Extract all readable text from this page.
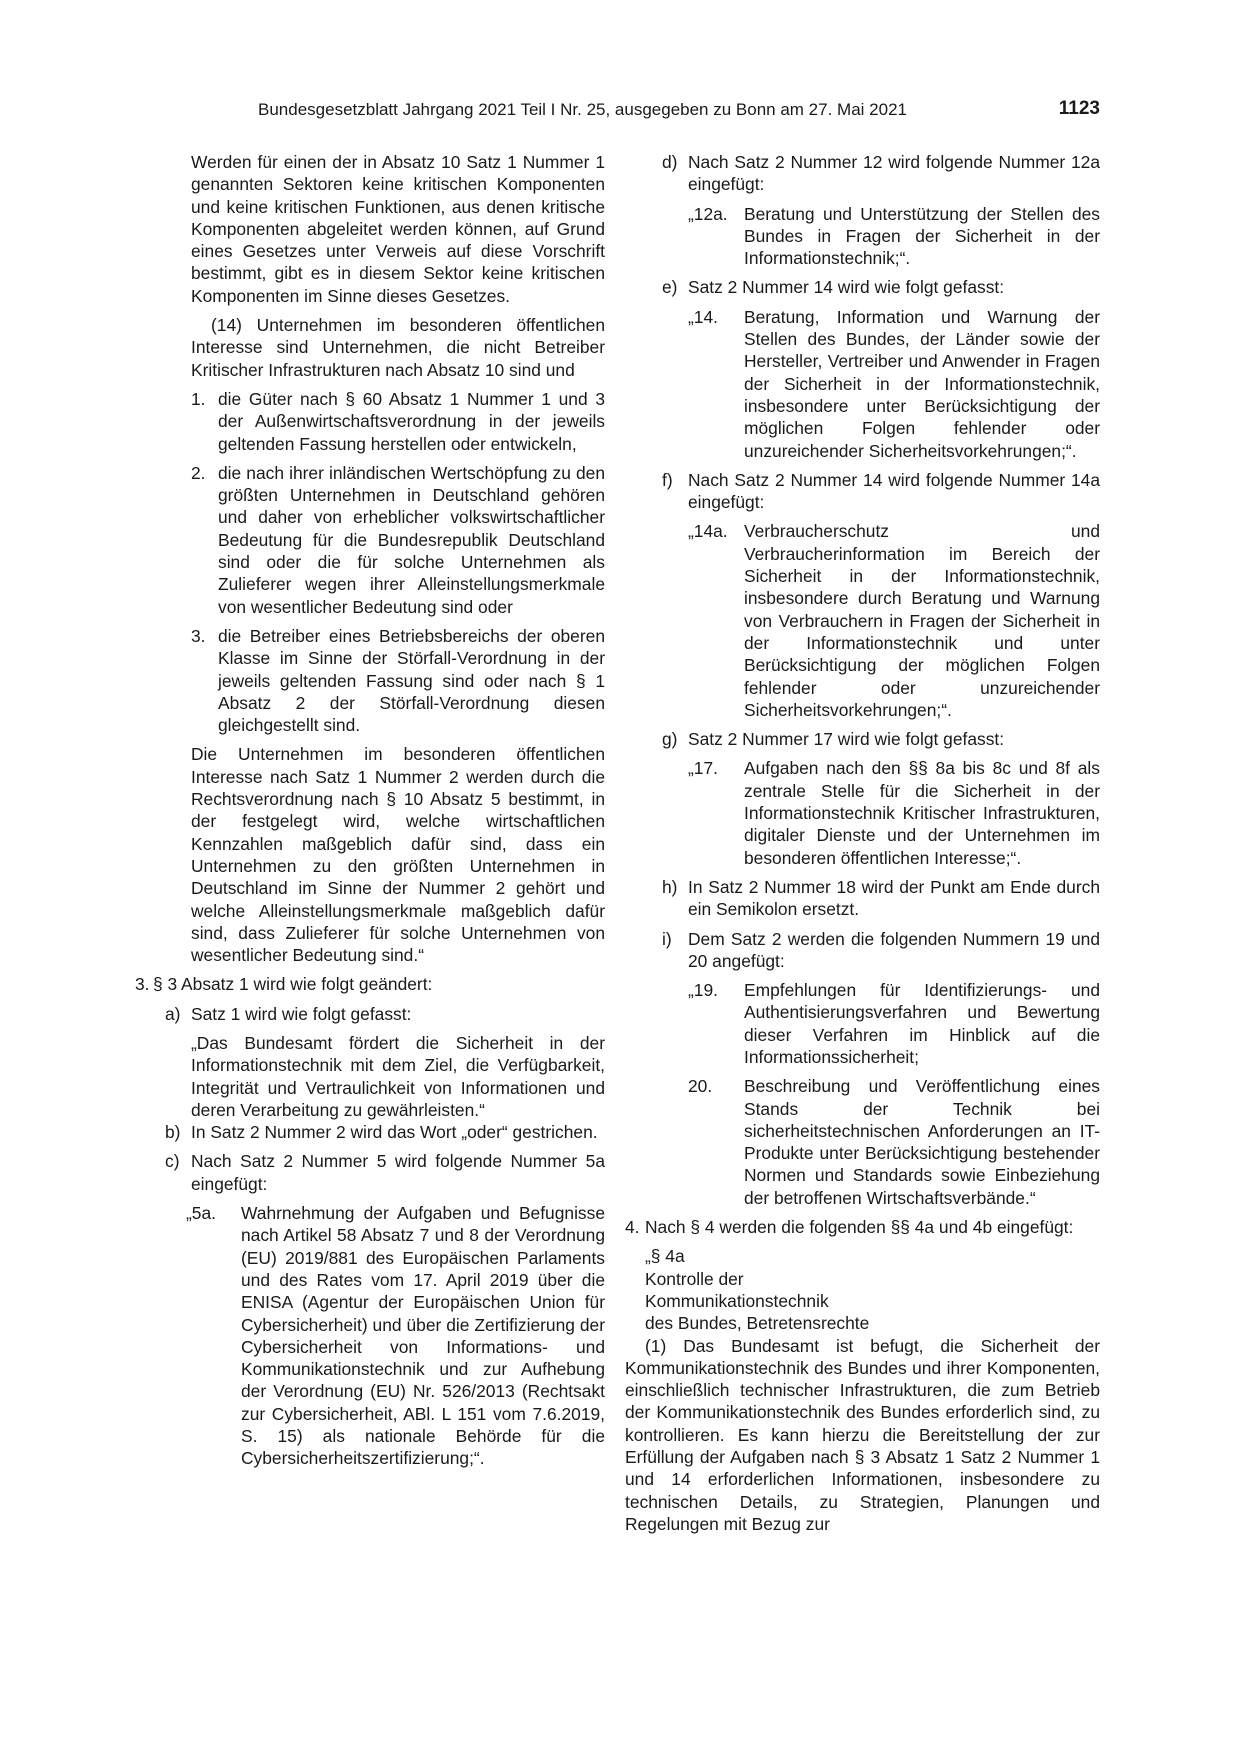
Bundesgesetzblatt Jahrgang 2021 Teil I Nr. 25, ausgegeben zu Bonn am 27. Mai 2021	1123

Werden für einen der in Absatz 10 Satz 1 Nummer 1 genannten Sektoren keine kritischen Komponenten und keine kritischen Funktionen, aus denen kritische Komponenten abgeleitet werden können, auf Grund eines Gesetzes unter Verweis auf diese Vorschrift bestimmt, gibt es in diesem Sektor keine kritischen Komponenten im Sinne dieses Gesetzes.

(14) Unternehmen im besonderen öffentlichen Interesse sind Unternehmen, die nicht Betreiber Kritischer Infrastrukturen nach Absatz 10 sind und

1. die Güter nach § 60 Absatz 1 Nummer 1 und 3 der Außenwirtschaftsverordnung in der jeweils geltenden Fassung herstellen oder entwickeln,
2. die nach ihrer inländischen Wertschöpfung zu den größten Unternehmen in Deutschland gehören und daher von erheblicher volkswirtschaftlicher Bedeutung für die Bundesrepublik Deutschland sind oder die für solche Unternehmen als Zulieferer wegen ihrer Alleinstellungsmerkmale von wesentlicher Bedeutung sind oder
3. die Betreiber eines Betriebsbereichs der oberen Klasse im Sinne der Störfall-Verordnung in der jeweils geltenden Fassung sind oder nach § 1 Absatz 2 der Störfall-Verordnung diesen gleichgestellt sind.

Die Unternehmen im besonderen öffentlichen Interesse nach Satz 1 Nummer 2 werden durch die Rechtsverordnung nach § 10 Absatz 5 bestimmt, in der festgelegt wird, welche wirtschaftlichen Kennzahlen maßgeblich dafür sind, dass ein Unternehmen zu den größten Unternehmen in Deutschland im Sinne der Nummer 2 gehört und welche Alleinstellungsmerkmale maßgeblich dafür sind, dass Zulieferer für solche Unternehmen von wesentlicher Bedeutung sind.“

3. § 3 Absatz 1 wird wie folgt geändert:
a) Satz 1 wird wie folgt gefasst:

„Das Bundesamt fördert die Sicherheit in der Informationstechnik mit dem Ziel, die Verfügbarkeit, Integrität und Vertraulichkeit von Informationen und deren Verarbeitung zu gewährleisten.“

b) In Satz 2 Nummer 2 wird das Wort „oder“ gestrichen.
c) Nach Satz 2 Nummer 5 wird folgende Nummer 5a eingefügt:
„5a. Wahrnehmung der Aufgaben und Befugnisse nach Artikel 58 Absatz 7 und 8 der Verordnung (EU) 2019/881 des Europäischen Parlaments und des Rates vom 17. April 2019 über die ENISA (Agentur der Europäischen Union für Cybersicherheit) und über die Zertifizierung der Cybersicherheit von Informations- und Kommunikationstechnik und zur Aufhebung der Verordnung (EU) Nr. 526/2013 (Rechtsakt zur Cybersicherheit, ABl. L 151 vom 7.6.2019, S. 15) als nationale Behörde für die Cybersicherheitszertifizierung;“.
d) Nach Satz 2 Nummer 12 wird folgende Nummer 12a eingefügt:
„12a. Beratung und Unterstützung der Stellen des Bundes in Fragen der Sicherheit in der Informationstechnik;“.
e) Satz 2 Nummer 14 wird wie folgt gefasst:
„14. Beratung, Information und Warnung der Stellen des Bundes, der Länder sowie der Hersteller, Vertreiber und Anwender in Fragen der Sicherheit in der Informationstechnik, insbesondere unter Berücksichtigung der möglichen Folgen fehlender oder unzureichender Sicherheitsvorkehrungen;“.
f) Nach Satz 2 Nummer 14 wird folgende Nummer 14a eingefügt:
„14a. Verbraucherschutz und Verbraucherinformation im Bereich der Sicherheit in der Informationstechnik, insbesondere durch Beratung und Warnung von Verbrauchern in Fragen der Sicherheit in der Informationstechnik und unter Berücksichtigung der möglichen Folgen fehlender oder unzureichender Sicherheitsvorkehrungen;“.
g) Satz 2 Nummer 17 wird wie folgt gefasst:
„17. Aufgaben nach den §§ 8a bis 8c und 8f als zentrale Stelle für die Sicherheit in der Informationstechnik Kritischer Infrastrukturen, digitaler Dienste und der Unternehmen im besonderen öffentlichen Interesse;“.
h) In Satz 2 Nummer 18 wird der Punkt am Ende durch ein Semikolon ersetzt.
i) Dem Satz 2 werden die folgenden Nummern 19 und 20 angefügt:
„19. Empfehlungen für Identifizierungs- und Authentisierungsverfahren und Bewertung dieser Verfahren im Hinblick auf die Informationssicherheit;
20. Beschreibung und Veröffentlichung eines Stands der Technik bei sicherheitstechnischen Anforderungen an IT-Produkte unter Berücksichtigung bestehender Normen und Standards sowie Einbeziehung der betroffenen Wirtschaftsverbände.“
4. Nach § 4 werden die folgenden §§ 4a und 4b eingefügt:

„§ 4a

Kontrolle der

Kommunikationstechnik

des Bundes, Betretensrechte

(1) Das Bundesamt ist befugt, die Sicherheit der Kommunikationstechnik des Bundes und ihrer Komponenten, einschließlich technischer Infrastrukturen, die zum Betrieb der Kommunikationstechnik des Bundes erforderlich sind, zu kontrollieren. Es kann hierzu die Bereitstellung der zur Erfüllung der Aufgaben nach § 3 Absatz 1 Satz 2 Nummer 1 und 14 erforderlichen Informationen, insbesondere zu technischen Details, zu Strategien, Planungen und Regelungen mit Bezug zur
